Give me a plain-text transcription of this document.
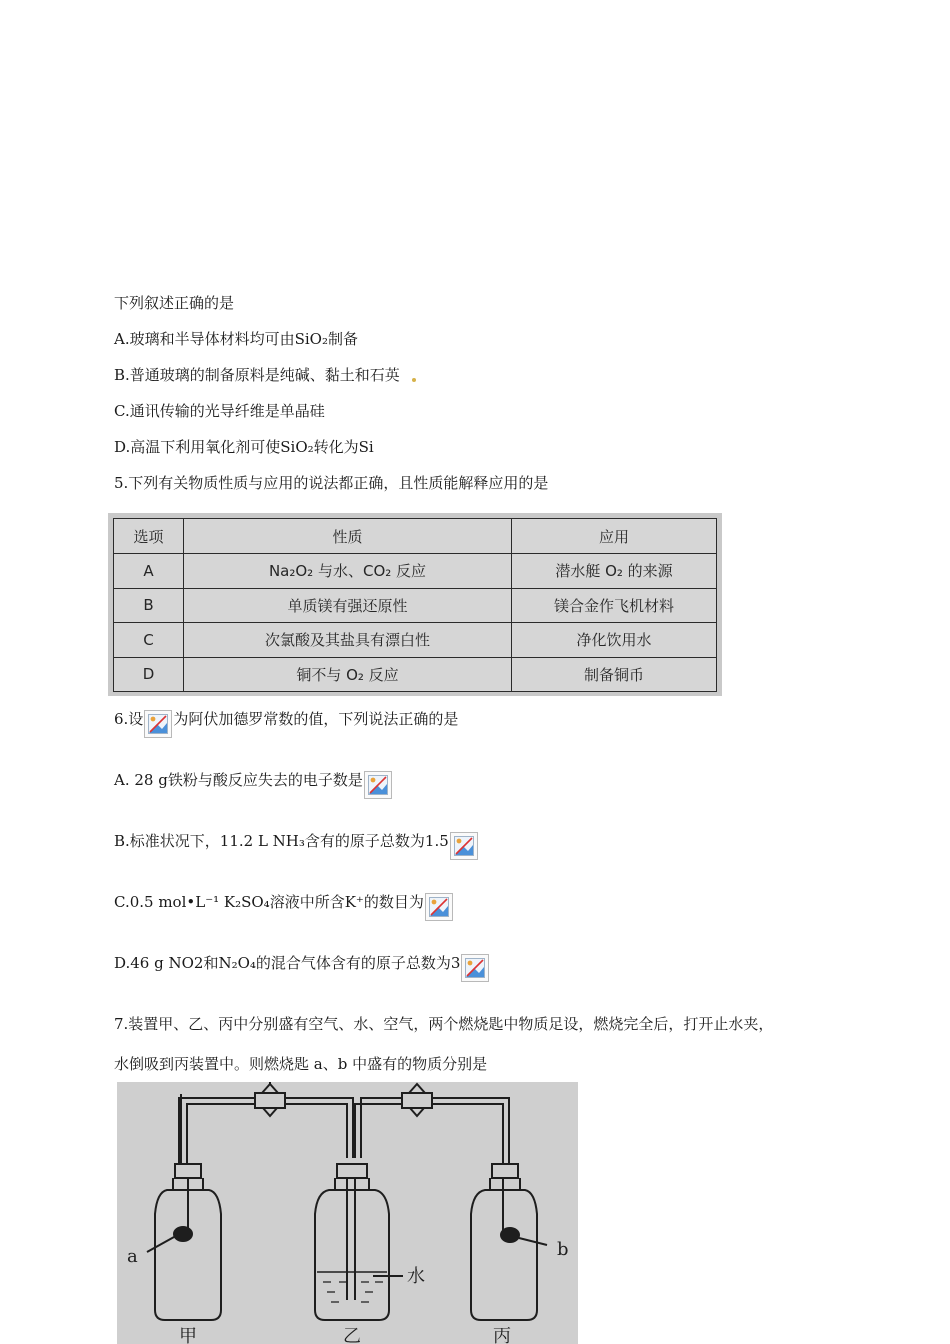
下列叙述正确的是
A.玻璃和半导体材料均可由SiO₂制备
B.普通玻璃的制备原料是纯碱、黏土和石英
C.通讯传输的光导纤维是单晶硅
D.高温下利用氧化剂可使SiO₂转化为Si
5.下列有关物质性质与应用的说法都正确，且性质能解释应用的是
选项	性质	应用
A	Na₂O₂ 与水、CO₂ 反应	潜水艇 O₂ 的来源
B	单质镁有强还原性	镁合金作飞机材料
C	次氯酸及其盐具有漂白性	净化饮用水
D	铜不与 O₂ 反应	制备铜币
6.设 为阿伏加德罗常数的值，下列说法正确的是
A. 28 g铁粉与酸反应失去的电子数是
B.标准状况下，11.2 L NH₃含有的原子总数为1.5
C.0.5 mol•L⁻¹ K₂SO₄溶液中所含K⁺的数目为
D.46 g NO2和N₂O₄的混合气体含有的原子总数为3
7.装置甲、乙、丙中分别盛有空气、水、空气，两个燃烧匙中物质足设，燃烧完全后，打开止水夹，
水倒吸到丙装置中。则燃烧匙 a、b 中盛有的物质分别是
a	b
水
甲	乙	丙
